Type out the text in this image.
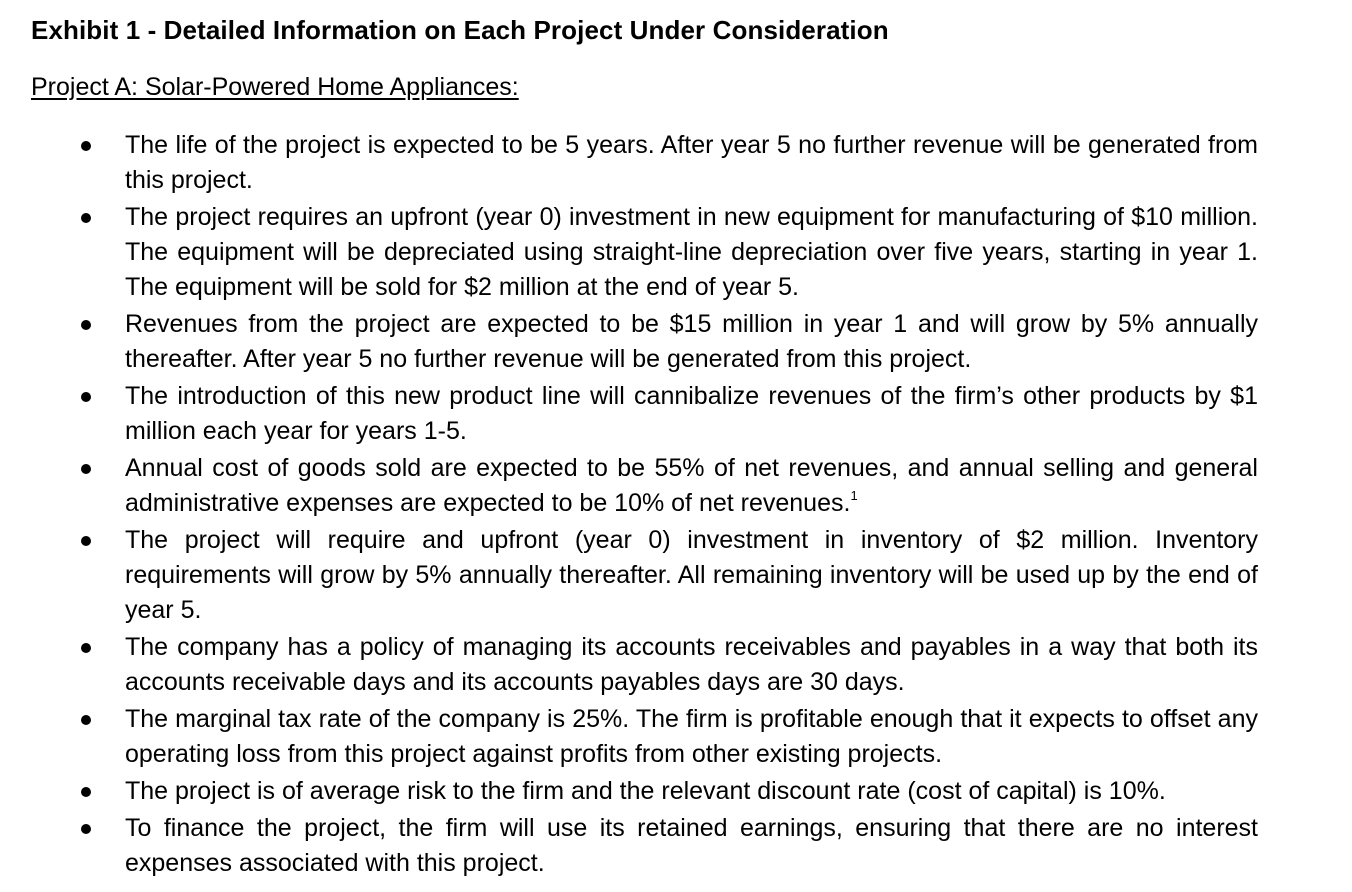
Exhibit 1 - Detailed Information on Each Project Under Consideration
Project A: Solar-Powered Home Appliances:
The life of the project is expected to be 5 years. After year 5 no further revenue will be generated from this project.
The project requires an upfront (year 0) investment in new equipment for manufacturing of $10 million. The equipment will be depreciated using straight-line depreciation over five years, starting in year 1. The equipment will be sold for $2 million at the end of year 5.
Revenues from the project are expected to be $15 million in year 1 and will grow by 5% annually thereafter. After year 5 no further revenue will be generated from this project.
The introduction of this new product line will cannibalize revenues of the firm’s other products by $1 million each year for years 1-5.
Annual cost of goods sold are expected to be 55% of net revenues, and annual selling and general administrative expenses are expected to be 10% of net revenues.$^1$
The project will require and upfront (year 0) investment in inventory of $2 million. Inventory requirements will grow by 5% annually thereafter. All remaining inventory will be used up by the end of year 5.
The company has a policy of managing its accounts receivables and payables in a way that both its accounts receivable days and its accounts payables days are 30 days.
The marginal tax rate of the company is 25%. The firm is profitable enough that it expects to offset any operating loss from this project against profits from other existing projects.
The project is of average risk to the firm and the relevant discount rate (cost of capital) is 10%.
To finance the project, the firm will use its retained earnings, ensuring that there are no interest expenses associated with this project.
